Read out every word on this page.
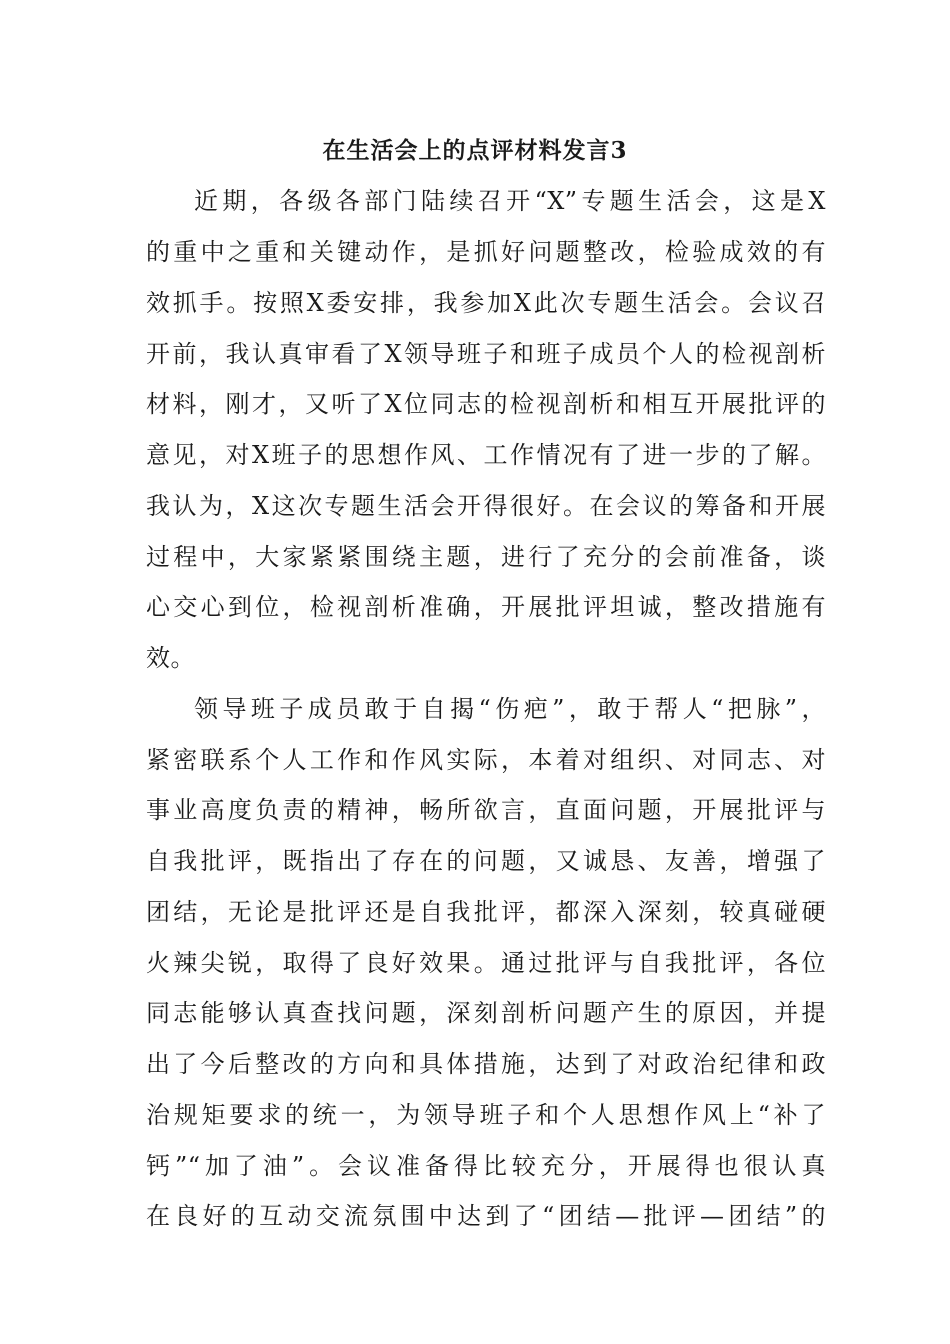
在生活会上的点评材料发言3
近期，各级各部门陆续召开“X”专题生活会，这是X
的重中之重和关键动作，是抓好问题整改，检验成效的有
效抓手。按照X委安排，我参加X此次专题生活会。会议召
开前，我认真审看了X领导班子和班子成员个人的检视剖析
材料，刚才，又听了X位同志的检视剖析和相互开展批评的
意见，对X班子的思想作风、工作情况有了进一步的了解。
我认为，X这次专题生活会开得很好。在会议的筹备和开展
过程中，大家紧紧围绕主题，进行了充分的会前准备，谈
心交心到位，检视剖析准确，开展批评坦诚，整改措施有
效。
领导班子成员敢于自揭“伤疤”，敢于帮人“把脉”，
紧密联系个人工作和作风实际，本着对组织、对同志、对
事业高度负责的精神，畅所欲言，直面问题，开展批评与
自我批评，既指出了存在的问题，又诚恳、友善，增强了
团结，无论是批评还是自我批评，都深入深刻，较真碰硬
火辣尖锐，取得了良好效果。通过批评与自我批评，各位
同志能够认真查找问题，深刻剖析问题产生的原因，并提
出了今后整改的方向和具体措施，达到了对政治纪律和政
治规矩要求的统一，为领导班子和个人思想作风上“补了
钙”“加了油”。会议准备得比较充分，开展得也很认真
在良好的互动交流氛围中达到了“团结—批评—团结”的
